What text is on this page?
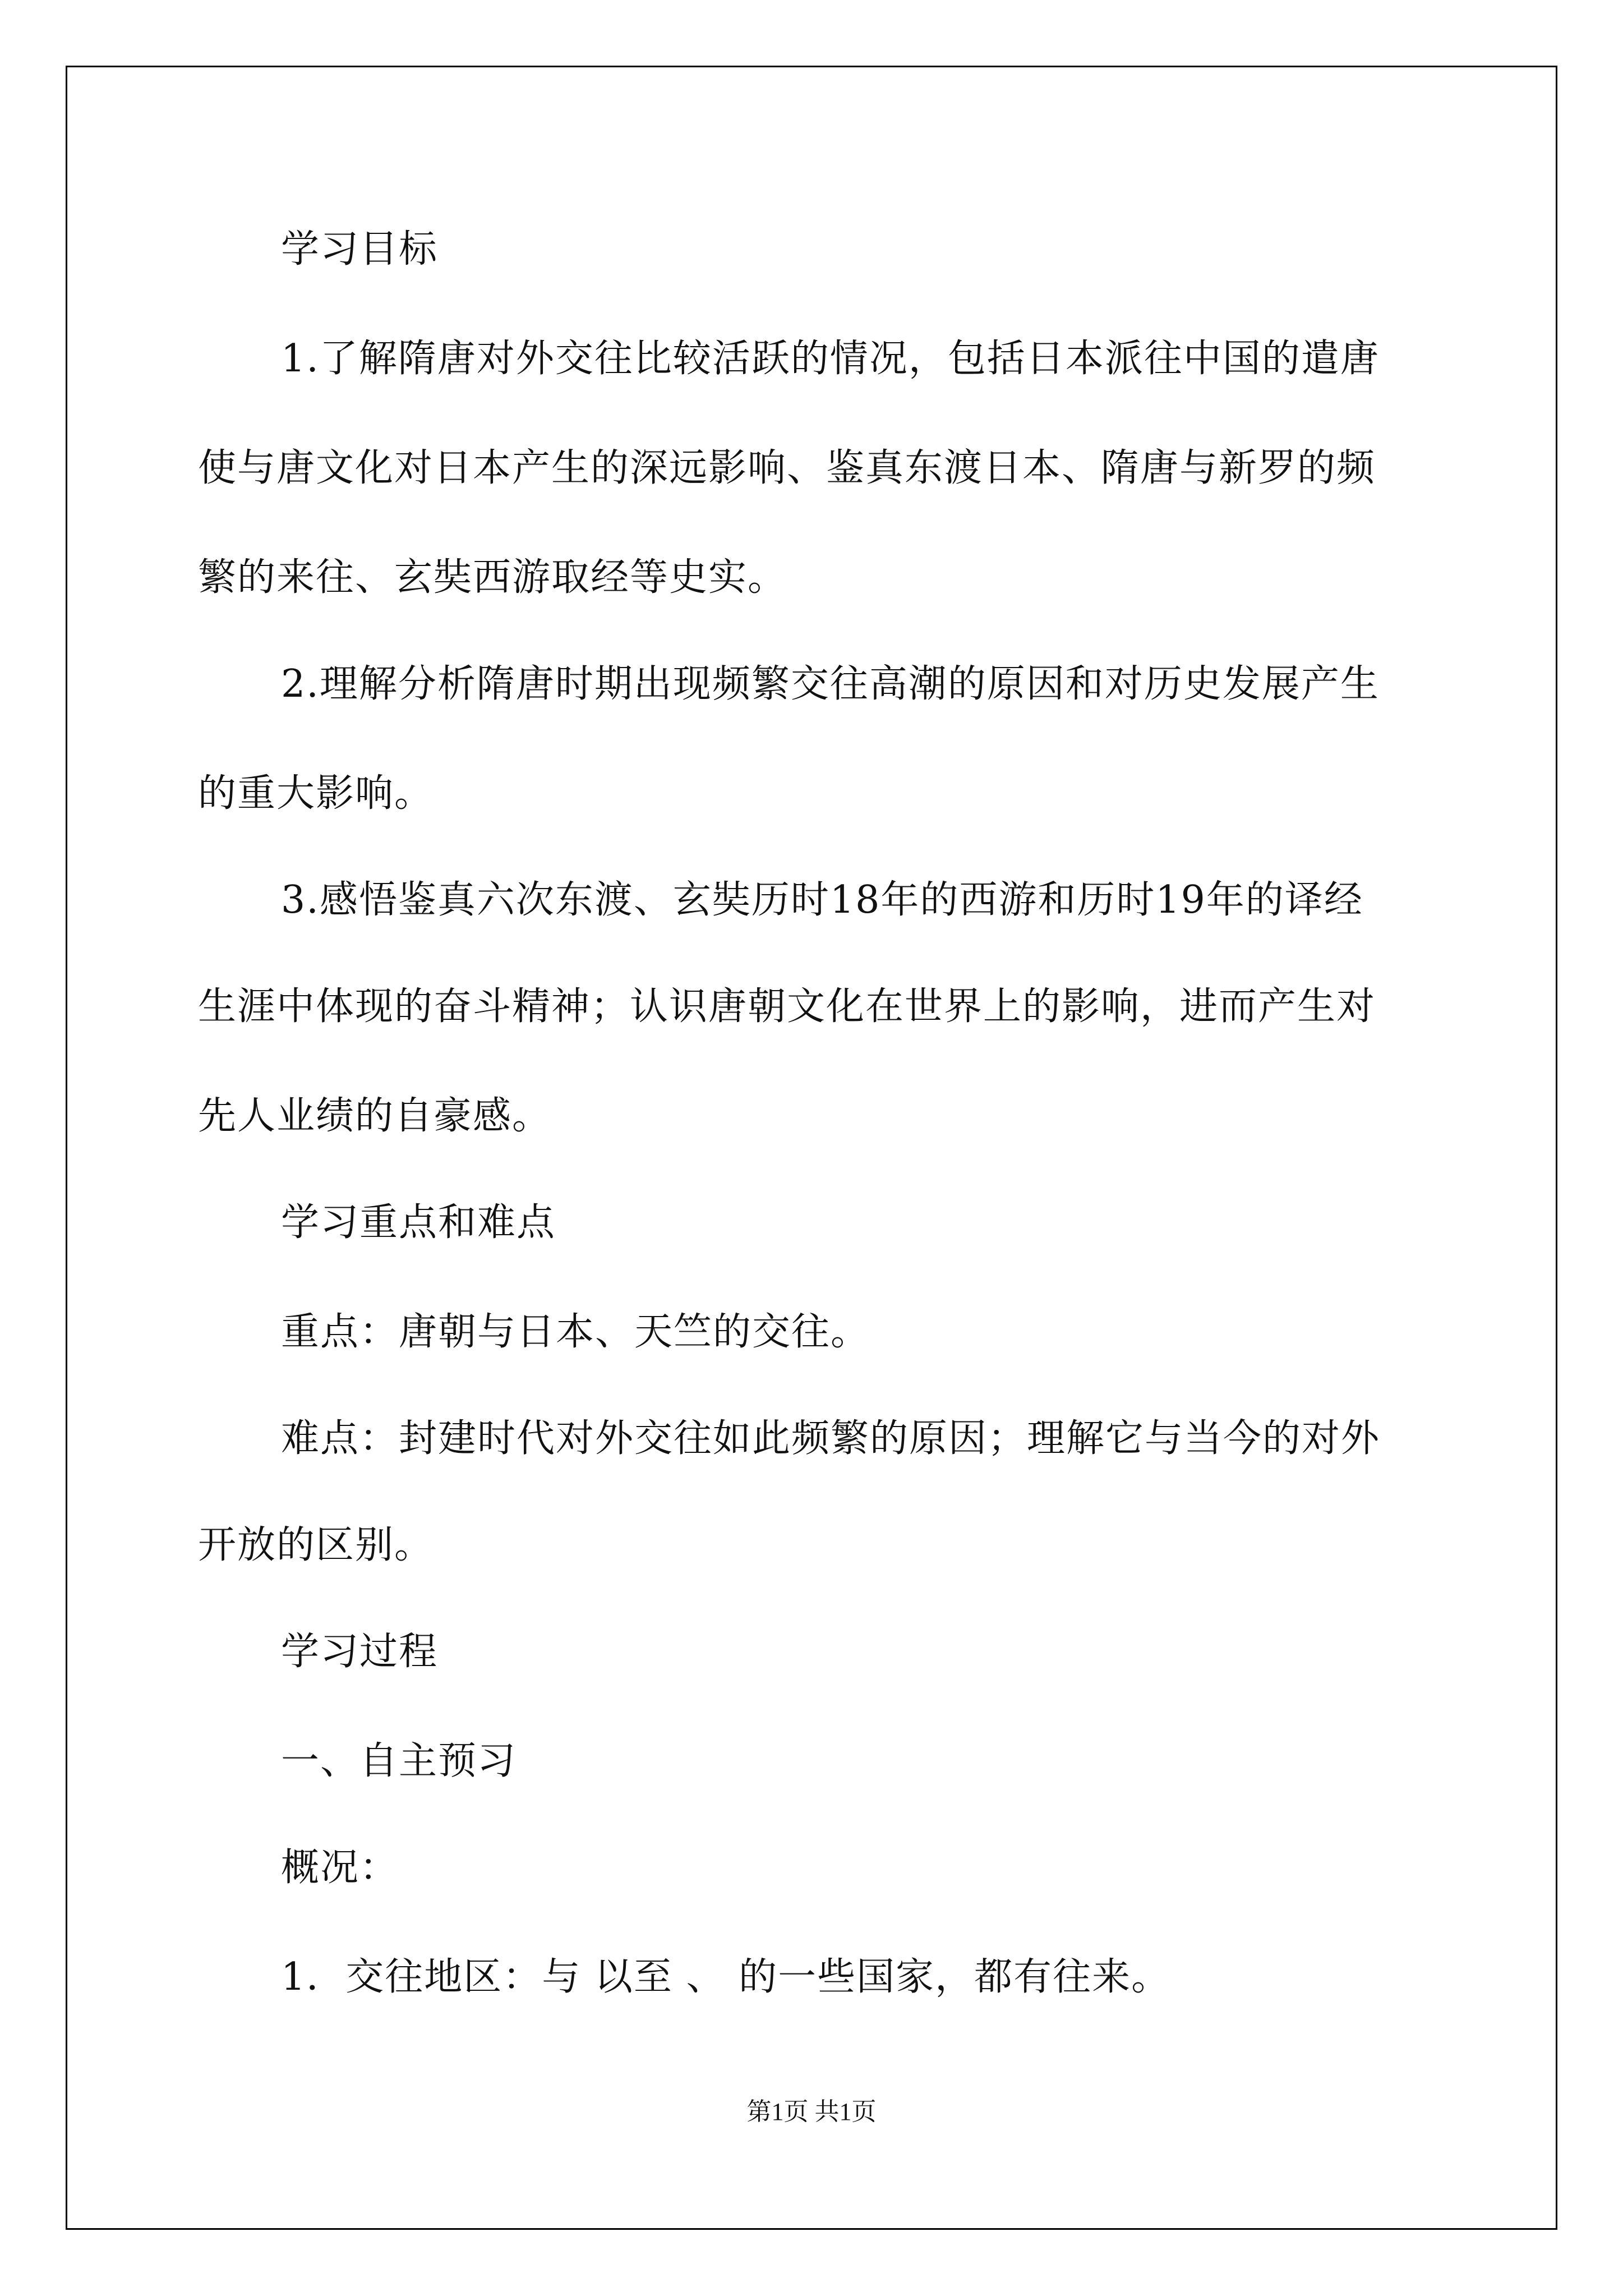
学习目标
1.了解隋唐对外交往比较活跃的情况，包括日本派往中国的遣唐
使与唐文化对日本产生的深远影响、鉴真东渡日本、隋唐与新罗的频
繁的来往、玄奘西游取经等史实。
2.理解分析隋唐时期出现频繁交往高潮的原因和对历史发展产生
的重大影响。
3.感悟鉴真六次东渡、玄奘历时18年的西游和历时19年的译经
生涯中体现的奋斗精神；认识唐朝文化在世界上的影响，进而产生对
先人业绩的自豪感。
学习重点和难点
重点：唐朝与日本、天竺的交往。
难点：封建时代对外交往如此频繁的原因；理解它与当今的对外
开放的区别。
学习过程
一、自主预习
概况：
1．交往地区：与 以至 、 的一些国家，都有往来。
第1页 共1页
